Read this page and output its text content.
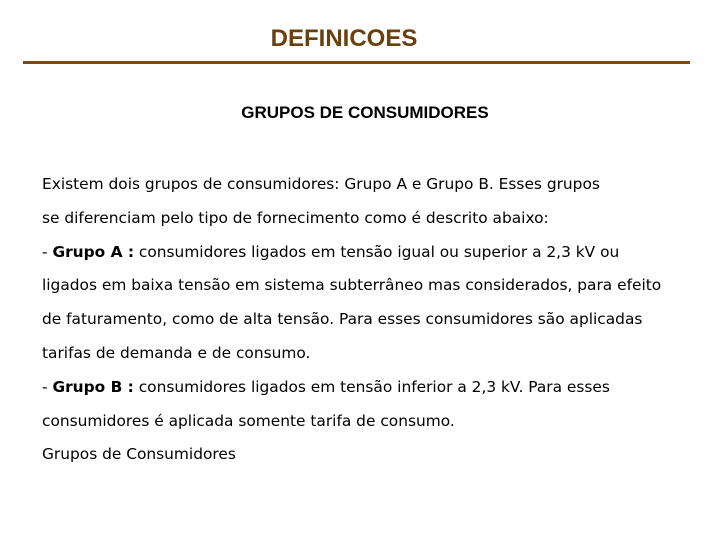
DEFINICOES
GRUPOS DE CONSUMIDORES
Existem dois grupos de consumidores: Grupo A e Grupo B. Esses grupos
se diferenciam pelo tipo de fornecimento como é descrito abaixo:
- Grupo A : consumidores ligados em tensão igual ou superior a 2,3 kV ou
ligados em baixa tensão em sistema subterrâneo mas considerados, para efeito
de faturamento, como de alta tensão. Para esses consumidores são aplicadas
tarifas de demanda e de consumo.
- Grupo B : consumidores ligados em tensão inferior a 2,3 kV. Para esses
consumidores é aplicada somente tarifa de consumo.
Grupos de Consumidores
